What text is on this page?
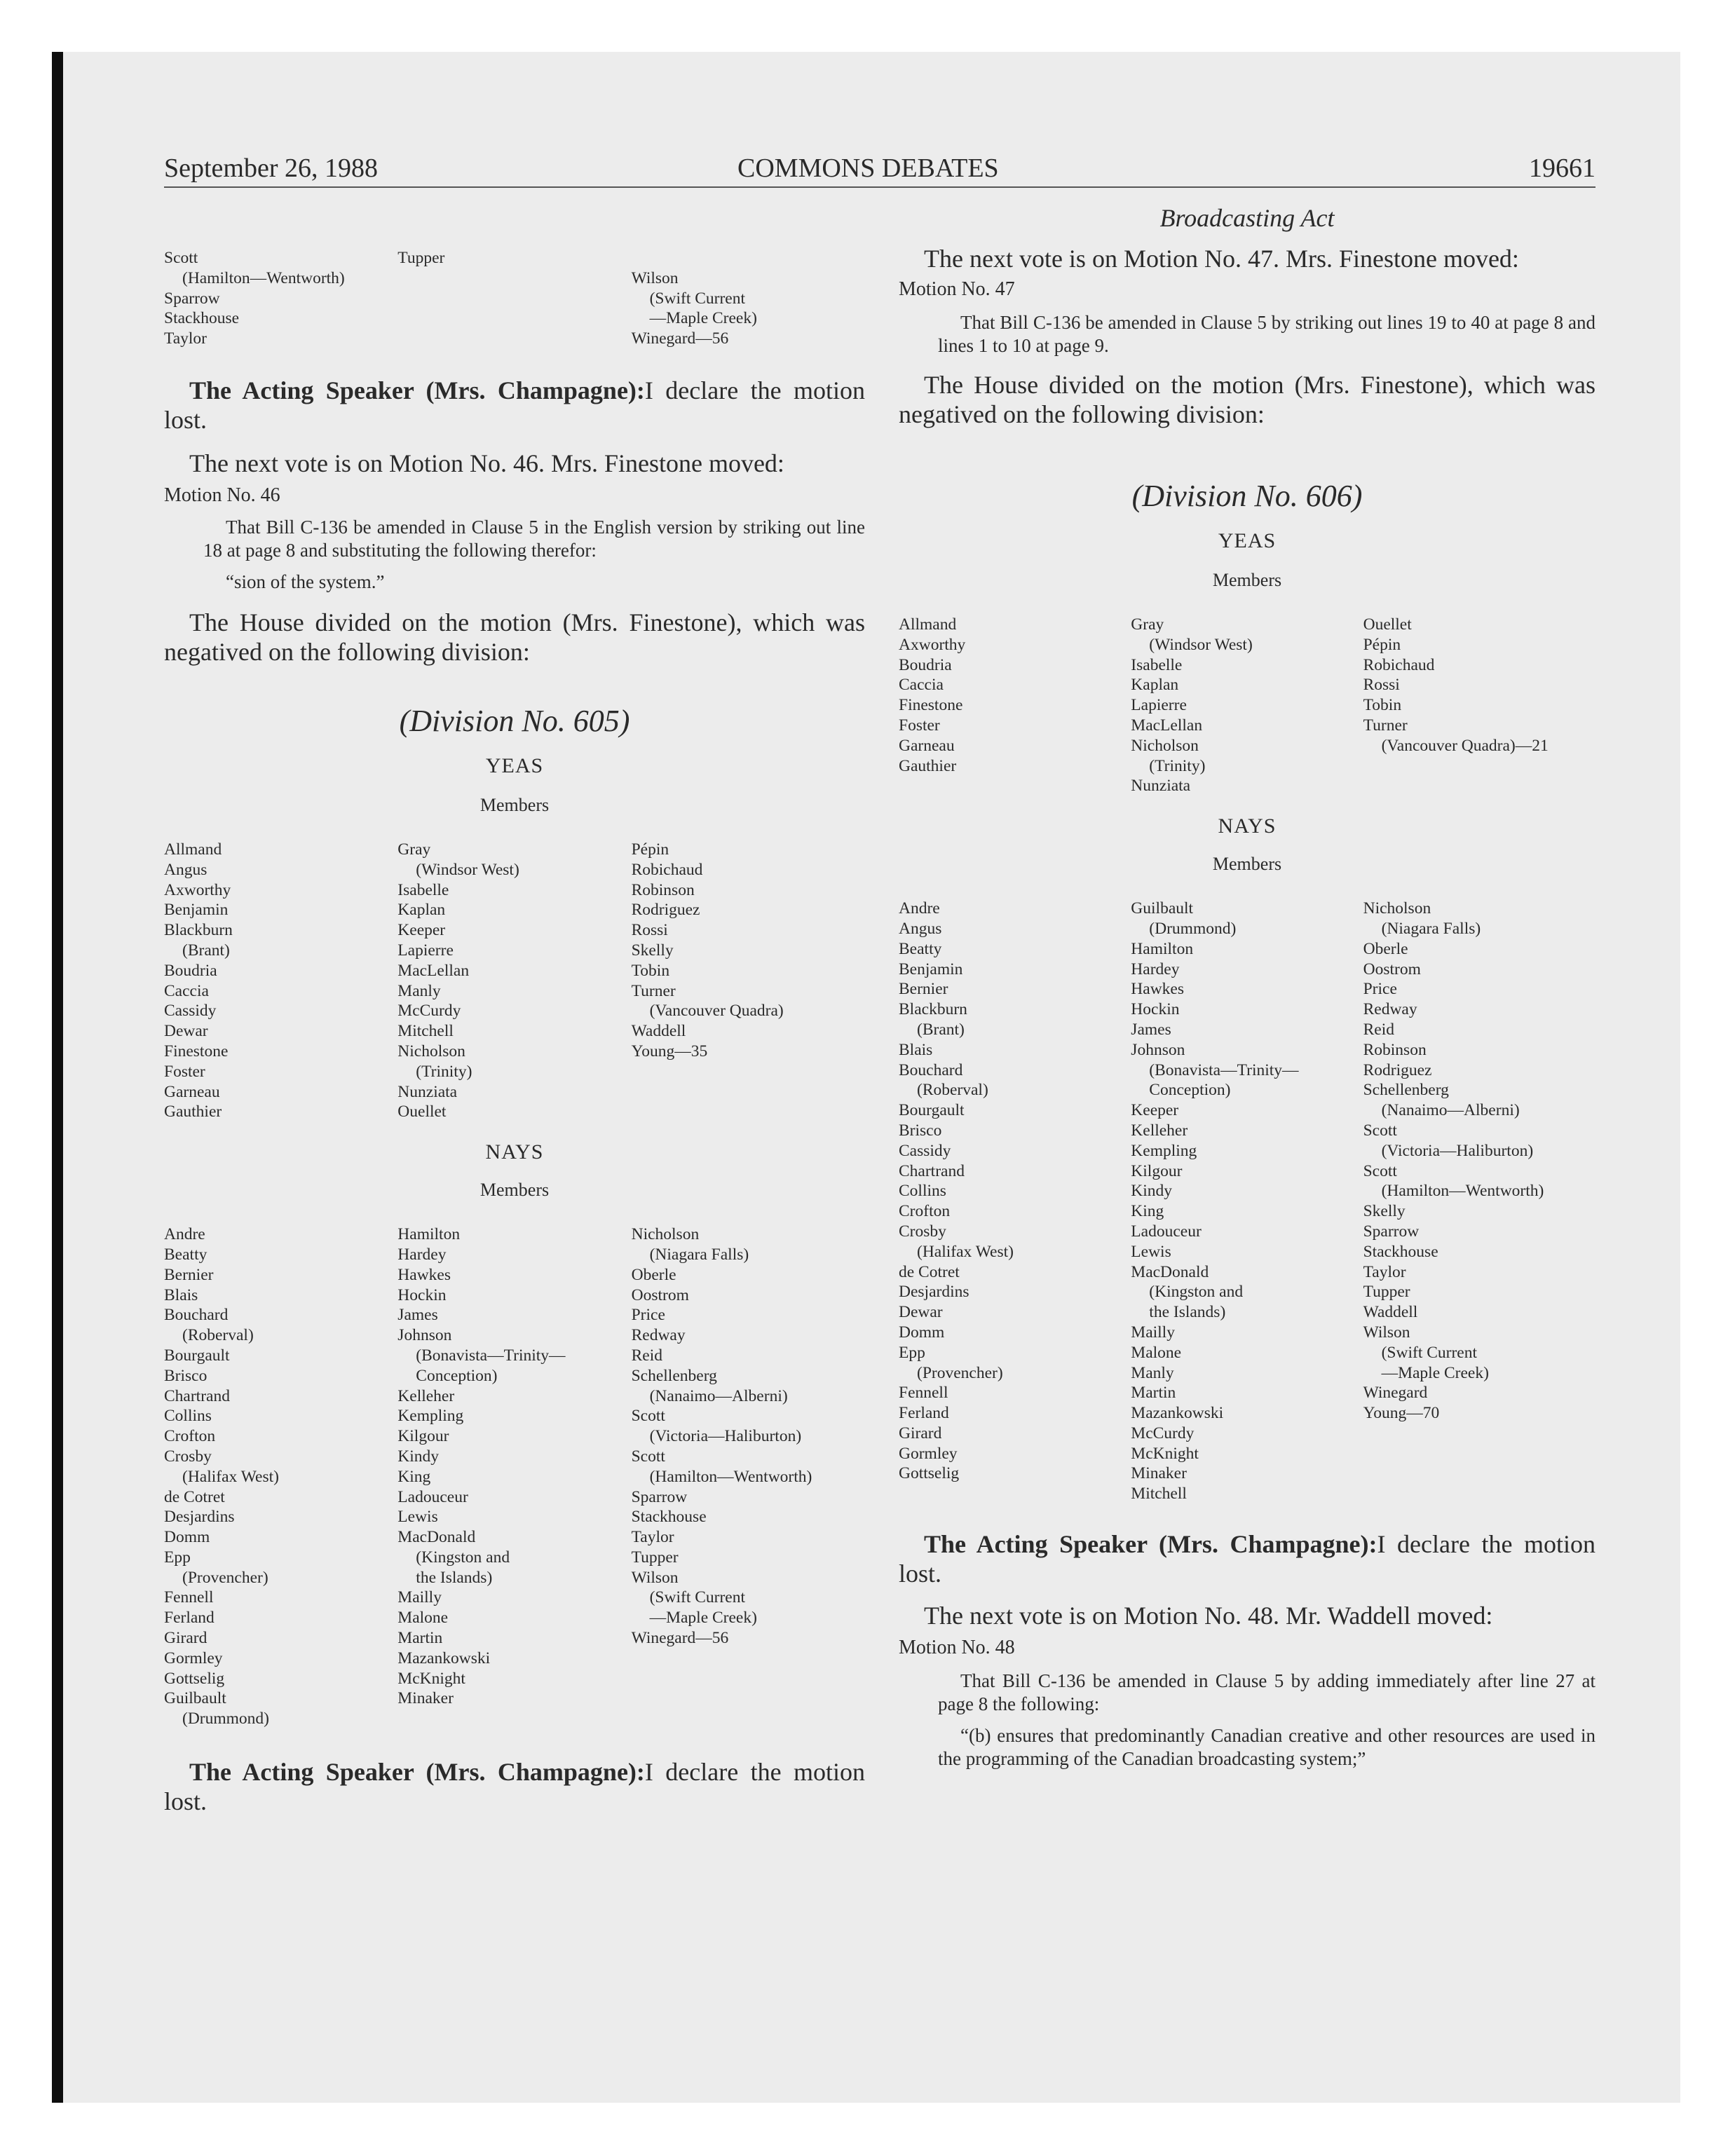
September 26, 1988	COMMONS DEBATES	19661
Scott
(Hamilton—Wentworth)
Sparrow
Stackhouse
Taylor
Tupper

Wilson
(Swift Current
—Maple Creek)
Winegard—56

The Acting Speaker (Mrs. Champagne):I declare the motion lost.

The next vote is on Motion No. 46. Mrs. Finestone moved:

Motion No. 46

That Bill C-136 be amended in Clause 5 in the English version by striking out line 18 at page 8 and substituting the following therefor:

“sion of the system.”

The House divided on the motion (Mrs. Finestone), which was negatived on the following division:

(Division No. 605)

YEAS

Members

Allmand
Angus
Axworthy
Benjamin
Blackburn
(Brant)
Boudria
Caccia
Cassidy
Dewar
Finestone
Foster
Garneau
Gauthier
Gray
(Windsor West)
Isabelle
Kaplan
Keeper
Lapierre
MacLellan
Manly
McCurdy
Mitchell
Nicholson
(Trinity)
Nunziata
Ouellet
Pépin
Robichaud
Robinson
Rodriguez
Rossi
Skelly
Tobin
Turner
(Vancouver Quadra)
Waddell
Young—35

NAYS

Members

Andre
Beatty
Bernier
Blais
Bouchard
(Roberval)
Bourgault
Brisco
Chartrand
Collins
Crofton
Crosby
(Halifax West)
de Cotret
Desjardins
Domm
Epp
(Provencher)
Fennell
Ferland
Girard
Gormley
Gottselig
Guilbault
(Drummond)
Hamilton
Hardey
Hawkes
Hockin
James
Johnson
(Bonavista—Trinity—
Conception)
Kelleher
Kempling
Kilgour
Kindy
King
Ladouceur
Lewis
MacDonald
(Kingston and
the Islands)
Mailly
Malone
Martin
Mazankowski
McKnight
Minaker
Nicholson
(Niagara Falls)
Oberle
Oostrom
Price
Redway
Reid
Schellenberg
(Nanaimo—Alberni)
Scott
(Victoria—Haliburton)
Scott
(Hamilton—Wentworth)
Sparrow
Stackhouse
Taylor
Tupper
Wilson
(Swift Current
—Maple Creek)
Winegard—56

The Acting Speaker (Mrs. Champagne):I declare the motion lost.

Broadcasting Act

The next vote is on Motion No. 47. Mrs. Finestone moved:

Motion No. 47

That Bill C-136 be amended in Clause 5 by striking out lines 19 to 40 at page 8 and lines 1 to 10 at page 9.

The House divided on the motion (Mrs. Finestone), which was negatived on the following division:

(Division No. 606)

YEAS

Members

Allmand
Axworthy
Boudria
Caccia
Finestone
Foster
Garneau
Gauthier
Gray
(Windsor West)
Isabelle
Kaplan
Lapierre
MacLellan
Nicholson
(Trinity)
Nunziata
Ouellet
Pépin
Robichaud
Rossi
Tobin
Turner
(Vancouver Quadra)—21

NAYS

Members

Andre
Angus
Beatty
Benjamin
Bernier
Blackburn
(Brant)
Blais
Bouchard
(Roberval)
Bourgault
Brisco
Cassidy
Chartrand
Collins
Crofton
Crosby
(Halifax West)
de Cotret
Desjardins
Dewar
Domm
Epp
(Provencher)
Fennell
Ferland
Girard
Gormley
Gottselig
Guilbault
(Drummond)
Hamilton
Hardey
Hawkes
Hockin
James
Johnson
(Bonavista—Trinity—
Conception)
Keeper
Kelleher
Kempling
Kilgour
Kindy
King
Ladouceur
Lewis
MacDonald
(Kingston and
the Islands)
Mailly
Malone
Manly
Martin
Mazankowski
McCurdy
McKnight
Minaker
Mitchell
Nicholson
(Niagara Falls)
Oberle
Oostrom
Price
Redway
Reid
Robinson
Rodriguez
Schellenberg
(Nanaimo—Alberni)
Scott
(Victoria—Haliburton)
Scott
(Hamilton—Wentworth)
Skelly
Sparrow
Stackhouse
Taylor
Tupper
Waddell
Wilson
(Swift Current
—Maple Creek)
Winegard
Young—70

The Acting Speaker (Mrs. Champagne):I declare the motion lost.

The next vote is on Motion No. 48. Mr. Waddell moved:

Motion No. 48

That Bill C-136 be amended in Clause 5 by adding immediately after line 27 at page 8 the following:

“(b) ensures that predominantly Canadian creative and other resources are used in the programming of the Canadian broadcasting system;”
